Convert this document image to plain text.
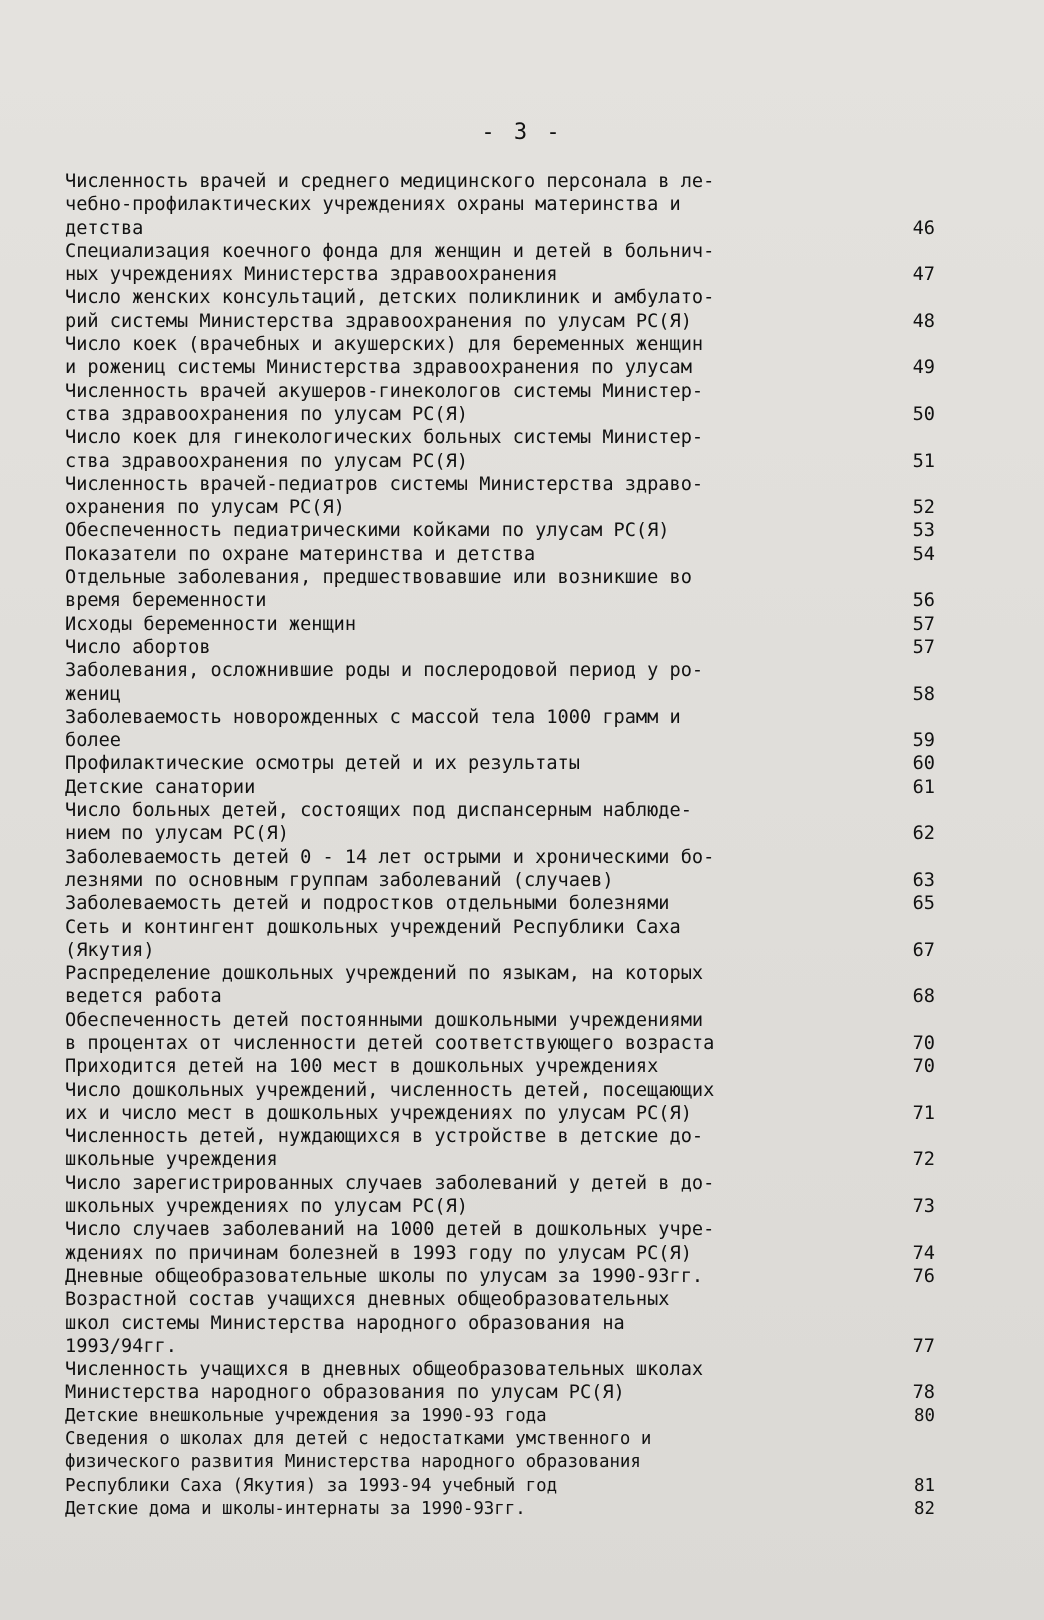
- 3 -
Численность врачей и среднего медицинского персонала в ле-
чебно-профилактических учреждениях охраны материнства и
детства	46
Специализация коечного фонда для женщин и детей в больнич-
ных учреждениях Министерства здравоохранения	47
Число женских консультаций, детских поликлиник и амбулато-
рий системы Министерства здравоохранения по улусам РС(Я)	48
Число коек (врачебных и акушерских) для беременных женщин
и рожениц системы Министерства здравоохранения по улусам	49
Численность врачей акушеров-гинекологов системы Министер-
ства здравоохранения по улусам РС(Я)	50
Число коек для гинекологических больных системы Министер-
ства здравоохранения по улусам РС(Я)	51
Численность врачей-педиатров системы Министерства здраво-
охранения по улусам РС(Я)	52
Обеспеченность педиатрическими койками по улусам РС(Я)	53
Показатели по охране материнства и детства	54
Отдельные заболевания, предшествовавшие или возникшие во
время беременности	56
Исходы беременности женщин	57
Число абортов	57
Заболевания, осложнившие роды и послеродовой период у ро-
жениц	58
Заболеваемость новорожденных с массой тела 1000 грамм и
более	59
Профилактические осмотры детей и их результаты	60
Детские санатории	61
Число больных детей, состоящих под диспансерным наблюде-
нием по улусам РС(Я)	62
Заболеваемость детей 0 - 14 лет острыми и хроническими бо-
лезнями по основным группам заболеваний (случаев)	63
Заболеваемость детей и подростков отдельными болезнями	65
Сеть и контингент дошкольных учреждений Республики Саха
(Якутия)	67
Распределение дошкольных учреждений по языкам, на которых
ведется работа	68
Обеспеченность детей постоянными дошкольными учреждениями
в процентах от численности детей соответствующего возраста	70
Приходится детей на 100 мест в дошкольных учреждениях	70
Число дошкольных учреждений, численность детей, посещающих
их и число мест в дошкольных учреждениях по улусам РС(Я)	71
Численность детей, нуждающихся в устройстве в детские до-
школьные учреждения	72
Число зарегистрированных случаев заболеваний у детей в до-
школьных учреждениях по улусам РС(Я)	73
Число случаев заболеваний на 1000 детей в дошкольных учре-
ждениях по причинам болезней в 1993 году по улусам РС(Я)	74
Дневные общеобразовательные школы по улусам за 1990-93гг.	76
Возрастной состав учащихся дневных общеобразовательных
школ системы Министерства народного образования на
1993/94гг.	77
Численность учащихся в дневных общеобразовательных школах
Министерства народного образования по улусам РС(Я)	78
Детские внешкольные учреждения за 1990-93 года	80
Сведения о школах для детей с недостатками умственного и
физического развития Министерства народного образования
Республики Саха (Якутия) за 1993-94 учебный год	81
Детские дома и школы-интернаты за 1990-93гг.	82
